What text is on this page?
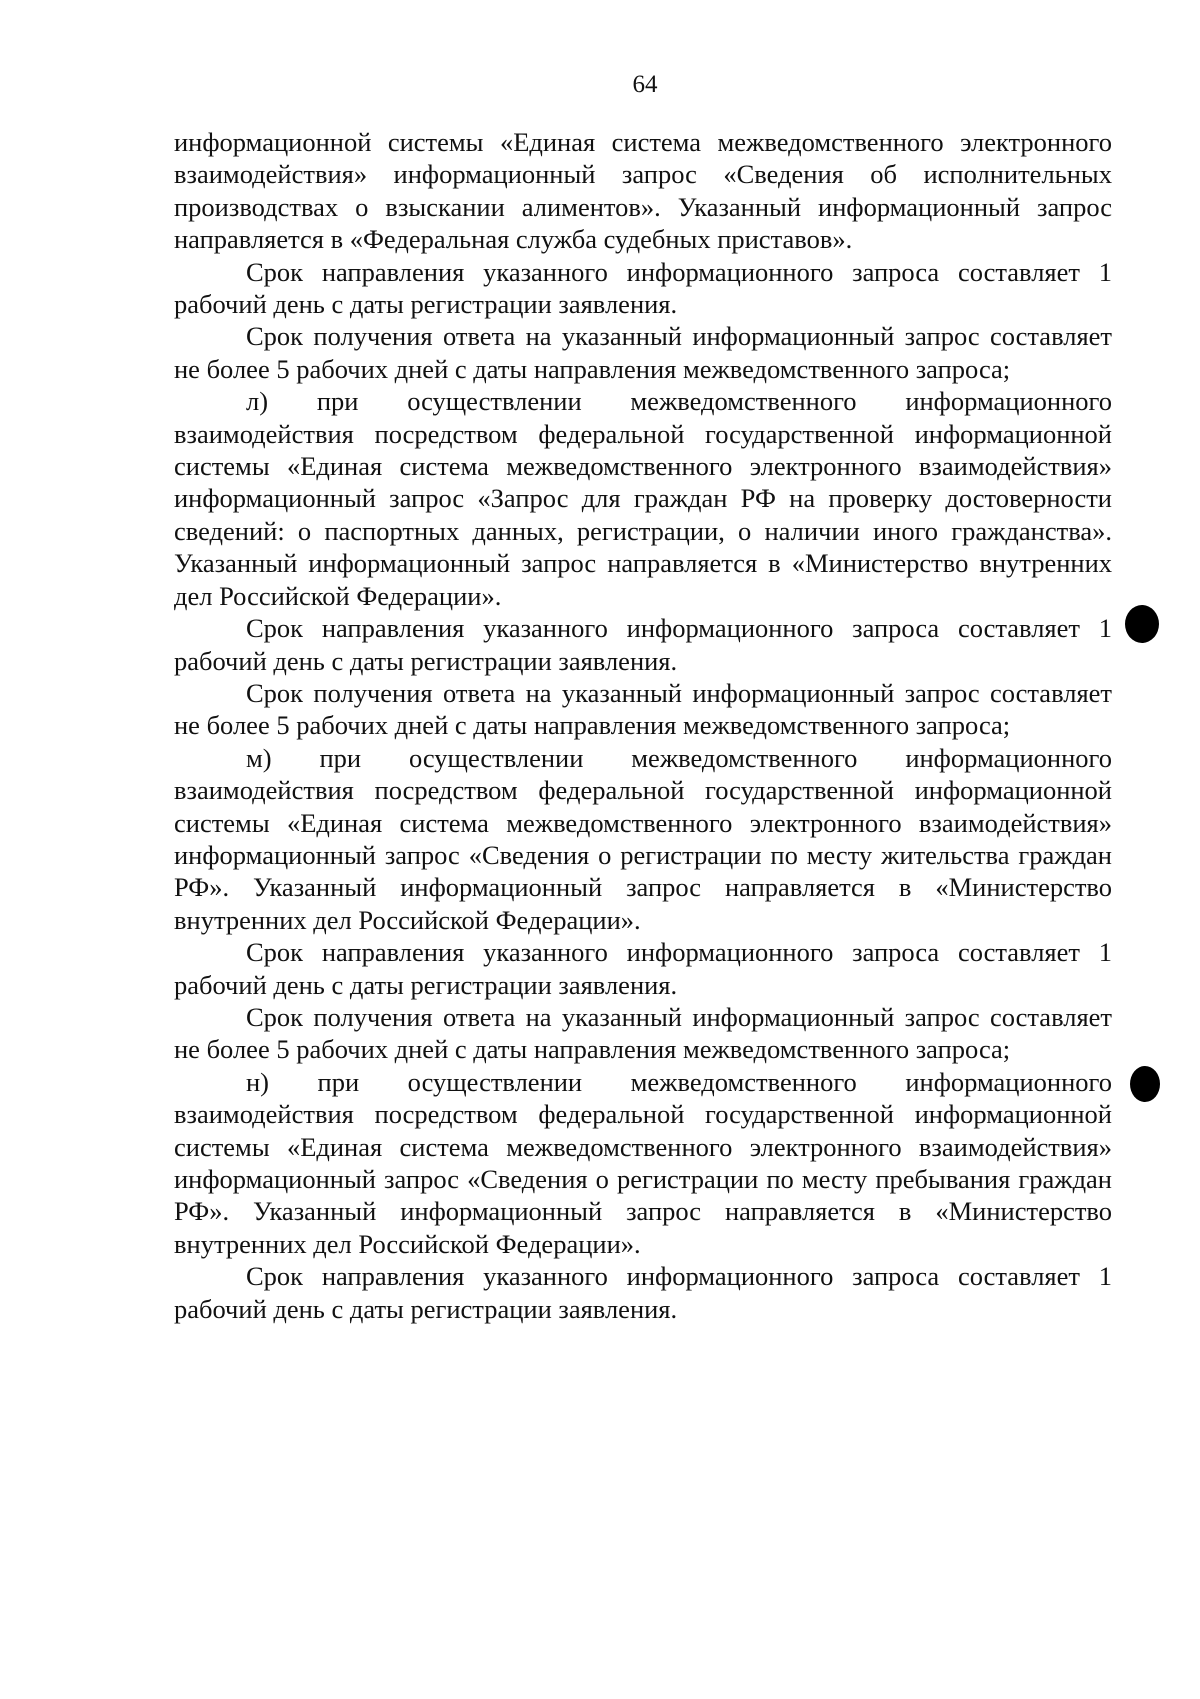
64

информационной системы «Единая система межведомственного электронного взаимодействия» информационный запрос «Сведения об исполнительных производствах о взыскании алиментов». Указанный информационный запрос направляется в «Федеральная служба судебных приставов».

Срок направления указанного информационного запроса составляет 1 рабочий день с даты регистрации заявления.

Срок получения ответа на указанный информационный запрос составляет не более 5 рабочих дней с даты направления межведомственного запроса;

л) при осуществлении межведомственного информационного взаимодействия посредством федеральной государственной информационной системы «Единая система межведомственного электронного взаимодействия» информационный запрос «Запрос для граждан РФ на проверку достоверности сведений: о паспортных данных, регистрации, о наличии иного гражданства». Указанный информационный запрос направляется в «Министерство внутренних дел Российской Федерации».

Срок направления указанного информационного запроса составляет 1 рабочий день с даты регистрации заявления.

Срок получения ответа на указанный информационный запрос составляет не более 5 рабочих дней с даты направления межведомственного запроса;

м) при осуществлении межведомственного информационного взаимодействия посредством федеральной государственной информационной системы «Единая система межведомственного электронного взаимодействия» информационный запрос «Сведения о регистрации по месту жительства граждан РФ». Указанный информационный запрос направляется в «Министерство внутренних дел Российской Федерации».

Срок направления указанного информационного запроса составляет 1 рабочий день с даты регистрации заявления.

Срок получения ответа на указанный информационный запрос составляет не более 5 рабочих дней с даты направления межведомственного запроса;

н) при осуществлении межведомственного информационного взаимодействия посредством федеральной государственной информационной системы «Единая система межведомственного электронного взаимодействия» информационный запрос «Сведения о регистрации по месту пребывания граждан РФ». Указанный информационный запрос направляется в «Министерство внутренних дел Российской Федерации».

Срок направления указанного информационного запроса составляет 1 рабочий день с даты регистрации заявления.
